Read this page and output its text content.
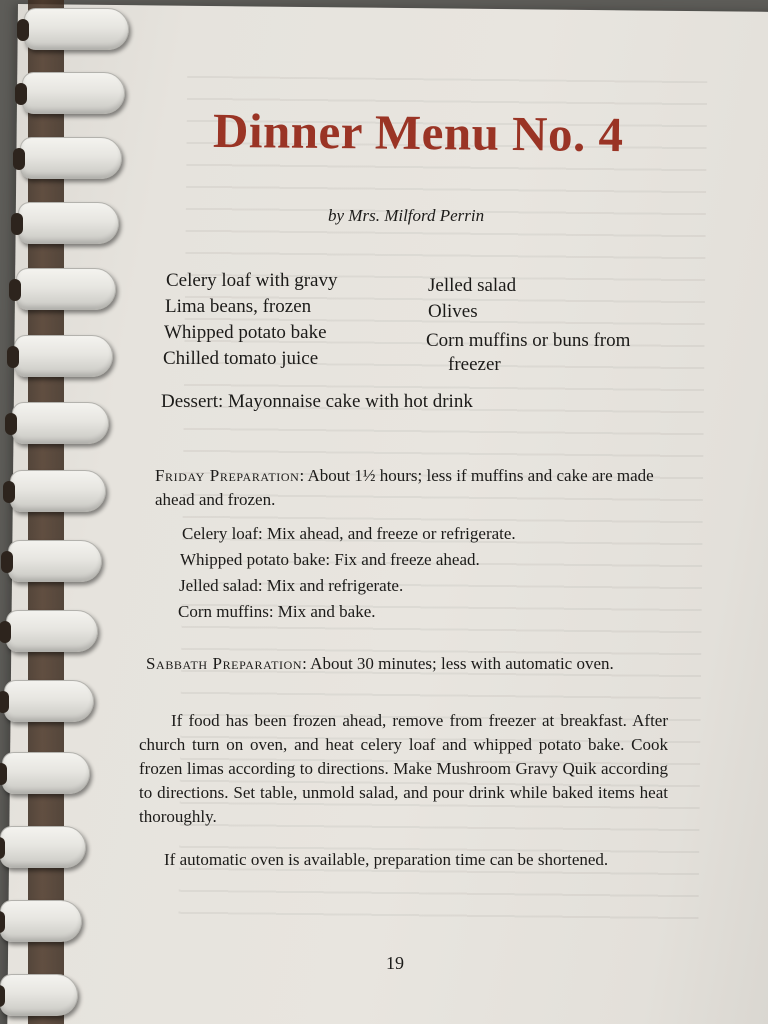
Dinner Menu No. 4
by Mrs. Milford Perrin
Celery loaf with gravy
Lima beans, frozen
Whipped potato bake
Chilled tomato juice
Jelled salad
Olives
Corn muffins or buns from
freezer
Dessert: Mayonnaise cake with hot drink
Friday Preparation: About 1½ hours; less if muffins and cake are made ahead and frozen.
Celery loaf: Mix ahead, and freeze or refrigerate.
Whipped potato bake: Fix and freeze ahead.
Jelled salad: Mix and refrigerate.
Corn muffins: Mix and bake.
Sabbath Preparation: About 30 minutes; less with automatic oven.
If food has been frozen ahead, remove from freezer at breakfast. After church turn on oven, and heat celery loaf and whipped potato bake. Cook frozen limas according to directions. Make Mushroom Gravy Quik according to directions. Set table, unmold salad, and pour drink while baked items heat thoroughly.
If automatic oven is available, preparation time can be shortened.
19
